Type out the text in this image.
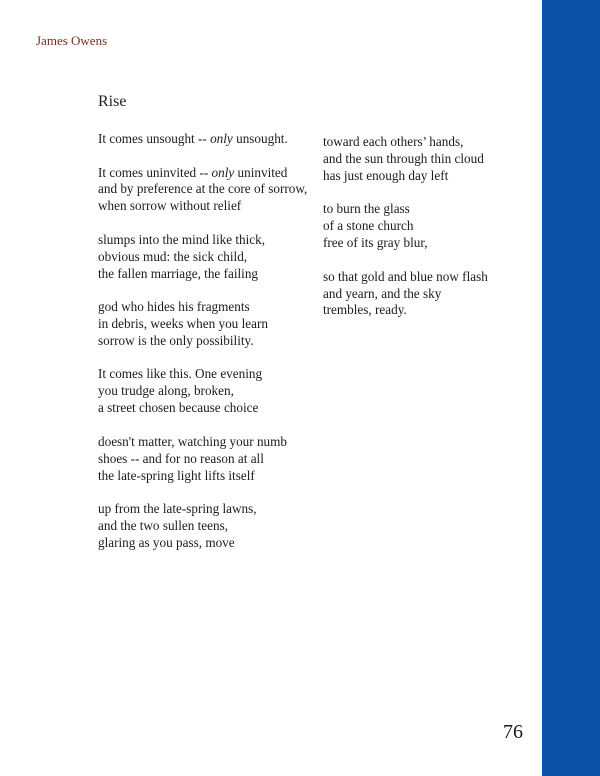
James Owens
Rise
It comes unsought -- only unsought.
It comes uninvited -- only uninvited
and by preference at the core of sorrow,
when sorrow without relief
slumps into the mind like thick,
obvious mud: the sick child,
the fallen marriage, the failing
god who hides his fragments
in debris, weeks when you learn
sorrow is the only possibility.
It comes like this. One evening
you trudge along, broken,
a street chosen because choice
doesn't matter, watching your numb
shoes -- and for no reason at all
the late-spring light lifts itself
up from the late-spring lawns,
and the two sullen teens,
glaring as you pass, move
toward each others’ hands,
and the sun through thin cloud
has just enough day left
to burn the glass
of a stone church
free of its gray blur,
so that gold and blue now flash
and yearn, and the sky
trembles, ready.
76
